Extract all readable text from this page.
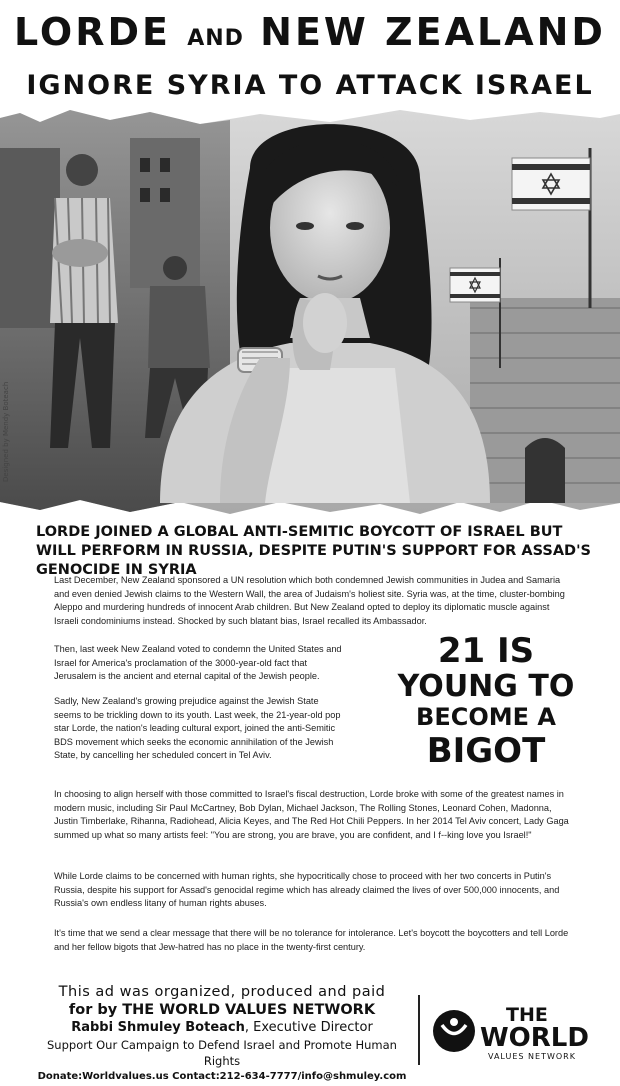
LORDE AND NEW ZEALAND
IGNORE SYRIA TO ATTACK ISRAEL
Designed by Mendy Boteach
LORDE JOINED A GLOBAL ANTI-SEMITIC BOYCOTT OF ISRAEL BUT WILL PERFORM IN RUSSIA, DESPITE PUTIN'S SUPPORT FOR ASSAD'S GENOCIDE IN SYRIA
Last December, New Zealand sponsored a UN resolution which both condemned Jewish communities in Judea and Samaria and even denied Jewish claims to the Western Wall, the area of Judaism's holiest site. Syria was, at the time, cluster-bombing Aleppo and murdering hundreds of innocent Arab children. But New Zealand opted to deploy its diplomatic muscle against Israeli condominiums instead. Shocked by such blatant bias, Israel recalled its Ambassador.
Then, last week New Zealand voted to condemn the United States and Israel for America's proclamation of the 3000-year-old fact that Jerusalem is the ancient and eternal capital of the Jewish people.
Sadly, New Zealand's growing prejudice against the Jewish State seems to be trickling down to its youth. Last week, the 21-year-old pop star Lorde, the nation's leading cultural export, joined the anti-Semitic BDS movement which seeks the economic annihilation of the Jewish State, by cancelling her scheduled concert in Tel Aviv.
21 IS
YOUNG TO
BECOME A
BIGOT
In choosing to align herself with those committed to Israel's fiscal destruction, Lorde broke with some of the greatest names in modern music, including Sir Paul McCartney, Bob Dylan, Michael Jackson, The Rolling Stones, Leonard Cohen, Madonna, Justin Timberlake, Rihanna, Radiohead, Alicia Keyes, and The Red Hot Chili Peppers. In her 2014 Tel Aviv concert, Lady Gaga summed up what so many artists feel: "You are strong, you are brave, you are confident, and I f--king love you Israel!"
While Lorde claims to be concerned with human rights, she hypocritically chose to proceed with her two concerts in Putin's Russia, despite his support for Assad's genocidal regime which has already claimed the lives of over 500,000 innocents, and Russia's own endless litany of human rights abuses.
It's time that we send a clear message that there will be no tolerance for intolerance. Let's boycott the boycotters and tell Lorde and her fellow bigots that Jew-hatred has no place in the twenty-first century.
This ad was organized, produced and paid
for by THE WORLD VALUES NETWORK
Rabbi Shmuley Boteach, Executive Director
Support Our Campaign to Defend Israel and Promote Human Rights
Donate:Worldvalues.us Contact:212-634-7777/info@shmuley.com
THE
WORLD
VALUES NETWORK
